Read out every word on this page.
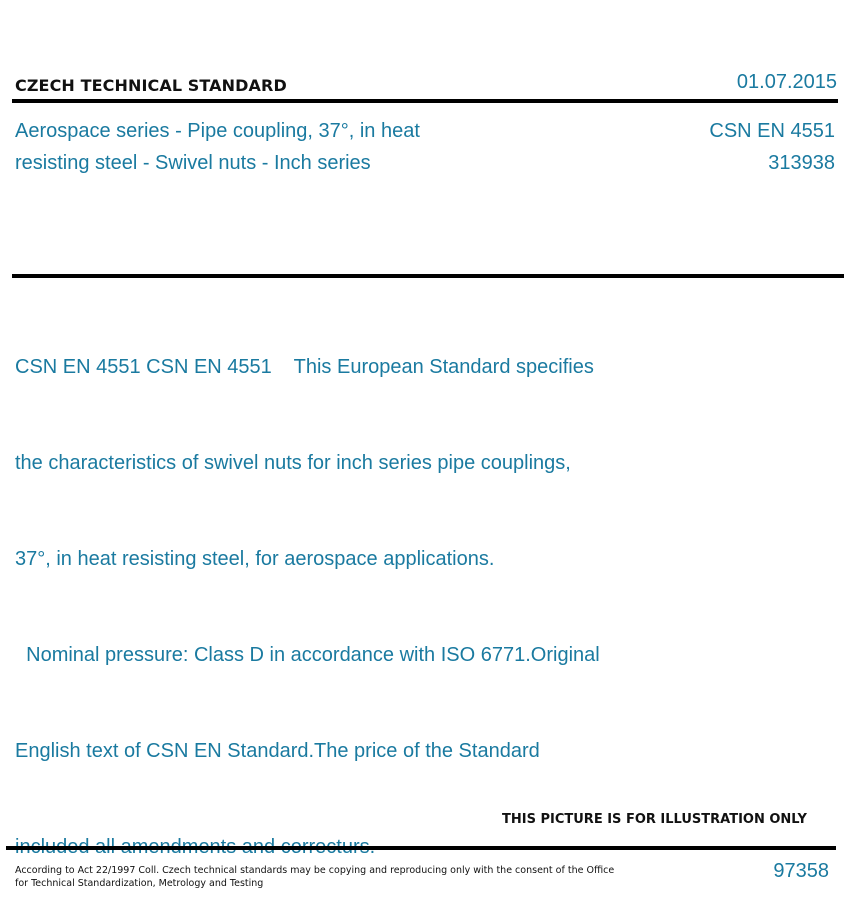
CZECH TECHNICAL STANDARD	01.07.2015
Aerospace series - Pipe coupling, 37°, in heat
resisting steel - Swivel nuts - Inch series
CSN EN 4551
313938

CSN EN 4551 CSN EN 4551    This European Standard specifies

the characteristics of swivel nuts for inch series pipe couplings,

37°, in heat resisting steel, for aerospace applications.

Nominal pressure: Class D in accordance with ISO 6771.Original

English text of CSN EN Standard.The price of the Standard

THIS PICTURE IS FOR ILLUSTRATION ONLY
According to Act 22/1997 Coll. Czech technical standards may be copying and reproducing only with the consent of the Office
for Technical Standardization, Metrology and Testing
97358
